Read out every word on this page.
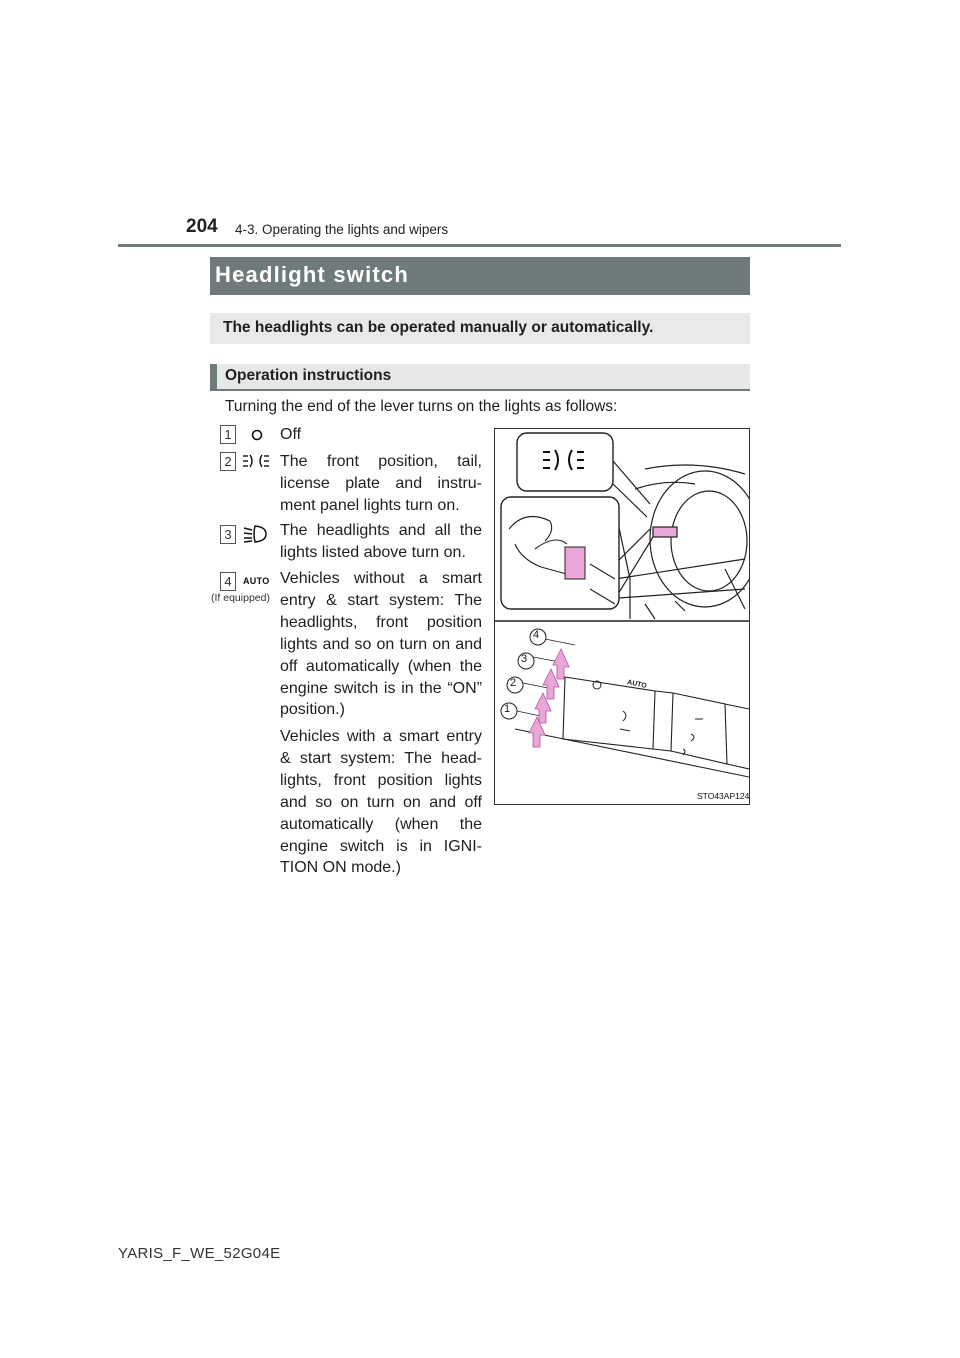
204 4-3. Operating the lights and wipers
Headlight switch
The headlights can be operated manually or automatically.
Operation instructions
Turning the end of the lever turns on the lights as follows:
1	Off
2	The front position, tail, license plate and instru-ment panel lights turn on.
3	The headlights and all the lights listed above turn on.
4	AUTO
(If equipped)
Vehicles without a smart entry & start system: The headlights, front position lights and so on turn on and off automatically (when the engine switch is in the “ON” position.)
Vehicles with a smart entry & start system: The head-lights, front position lights and so on turn on and off automatically (when the engine switch is in IGNI-TION ON mode.)
4
3
2
1
AUTO
STO43AP124
YARIS_F_WE_52G04E
